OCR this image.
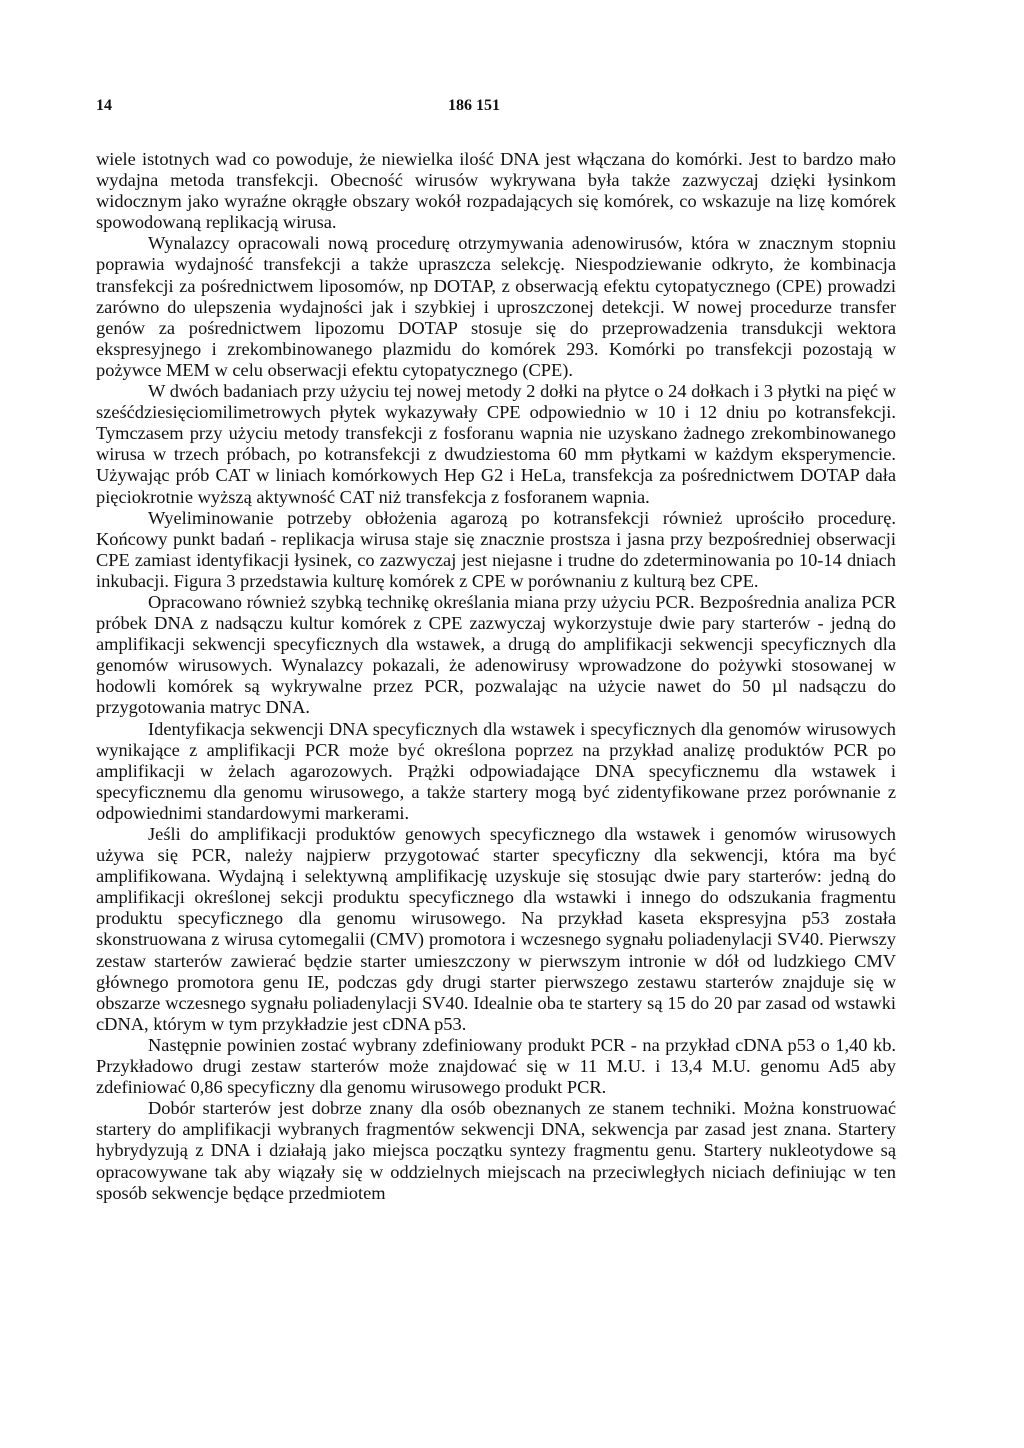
14	186 151

wiele istotnych wad co powoduje, że niewielka ilość DNA jest włączana do komórki. Jest to bardzo mało wydajna metoda transfekcji. Obecność wirusów wykrywana była także zazwyczaj dzięki łysinkom widocznym jako wyraźne okrągłe obszary wokół rozpadających się komórek, co wskazuje na lizę komórek spowodowaną replikacją wirusa.

Wynalazcy opracowali nową procedurę otrzymywania adenowirusów, która w znacznym stopniu poprawia wydajność transfekcji a także upraszcza selekcję. Niespodziewanie odkryto, że kombinacja transfekcji za pośrednictwem liposomów, np DOTAP, z obserwacją efektu cytopatycznego (CPE) prowadzi zarówno do ulepszenia wydajności jak i szybkiej i uproszczonej detekcji. W nowej procedurze transfer genów za pośrednictwem lipozomu DOTAP stosuje się do przeprowadzenia transdukcji wektora ekspresyjnego i zrekombinowanego plazmidu do komórek 293. Komórki po transfekcji pozostają w pożywce MEM w celu obserwacji efektu cytopatycznego (CPE).

W dwóch badaniach przy użyciu tej nowej metody 2 dołki na płytce o 24 dołkach i 3 płytki na pięć w sześćdziesięciomilimetrowych płytek wykazywały CPE odpowiednio w 10 i 12 dniu po kotransfekcji. Tymczasem przy użyciu metody transfekcji z fosforanu wapnia nie uzyskano żadnego zrekombinowanego wirusa w trzech próbach, po kotransfekcji z dwudziestoma 60 mm płytkami w każdym eksperymencie. Używając prób CAT w liniach komórkowych Hep G2 i HeLa, transfekcja za pośrednictwem DOTAP dała pięciokrotnie wyższą aktywność CAT niż transfekcja z fosforanem wapnia.

Wyeliminowanie potrzeby obłożenia agarozą po kotransfekcji również uprościło procedurę. Końcowy punkt badań - replikacja wirusa staje się znacznie prostsza i jasna przy bezpośredniej obserwacji CPE zamiast identyfikacji łysinek, co zazwyczaj jest niejasne i trudne do zdeterminowania po 10-14 dniach inkubacji. Figura 3 przedstawia kulturę komórek z CPE w porównaniu z kulturą bez CPE.

Opracowano również szybką technikę określania miana przy użyciu PCR. Bezpośrednia analiza PCR próbek DNA z nadsączu kultur komórek z CPE zazwyczaj wykorzystuje dwie pary starterów - jedną do amplifikacji sekwencji specyficznych dla wstawek, a drugą do amplifikacji sekwencji specyficznych dla genomów wirusowych. Wynalazcy pokazali, że adenowirusy wprowadzone do pożywki stosowanej w hodowli komórek są wykrywalne przez PCR, pozwalając na użycie nawet do 50 µl nadsączu do przygotowania matryc DNA.

Identyfikacja sekwencji DNA specyficznych dla wstawek i specyficznych dla genomów wirusowych wynikające z amplifikacji PCR może być określona poprzez na przykład analizę produktów PCR po amplifikacji w żelach agarozowych. Prążki odpowiadające DNA specyficznemu dla wstawek i specyficznemu dla genomu wirusowego, a także startery mogą być zidentyfikowane przez porównanie z odpowiednimi standardowymi markerami.

Jeśli do amplifikacji produktów genowych specyficznego dla wstawek i genomów wirusowych używa się PCR, należy najpierw przygotować starter specyficzny dla sekwencji, która ma być amplifikowana. Wydajną i selektywną amplifikację uzyskuje się stosując dwie pary starterów: jedną do amplifikacji określonej sekcji produktu specyficznego dla wstawki i innego do odszukania fragmentu produktu specyficznego dla genomu wirusowego. Na przykład kaseta ekspresyjna p53 została skonstruowana z wirusa cytomegalii (CMV) promotora i wczesnego sygnału poliadenylacji SV40. Pierwszy zestaw starterów zawierać będzie starter umieszczony w pierwszym intronie w dół od ludzkiego CMV głównego promotora genu IE, podczas gdy drugi starter pierwszego zestawu starterów znajduje się w obszarze wczesnego sygnału poliadenylacji SV40. Idealnie oba te startery są 15 do 20 par zasad od wstawki cDNA, którym w tym przykładzie jest cDNA p53.

Następnie powinien zostać wybrany zdefiniowany produkt PCR - na przykład cDNA p53 o 1,40 kb. Przykładowo drugi zestaw starterów może znajdować się w 11 M.U. i 13,4 M.U. genomu Ad5 aby zdefiniować 0,86 specyficzny dla genomu wirusowego produkt PCR.

Dobór starterów jest dobrze znany dla osób obeznanych ze stanem techniki. Można konstruować startery do amplifikacji wybranych fragmentów sekwencji DNA, sekwencja par zasad jest znana. Startery hybrydyzują z DNA i działają jako miejsca początku syntezy fragmentu genu. Startery nukleotydowe są opracowywane tak aby wiązały się w oddzielnych miejscach na przeciwległych niciach definiując w ten sposób sekwencje będące przedmiotem
